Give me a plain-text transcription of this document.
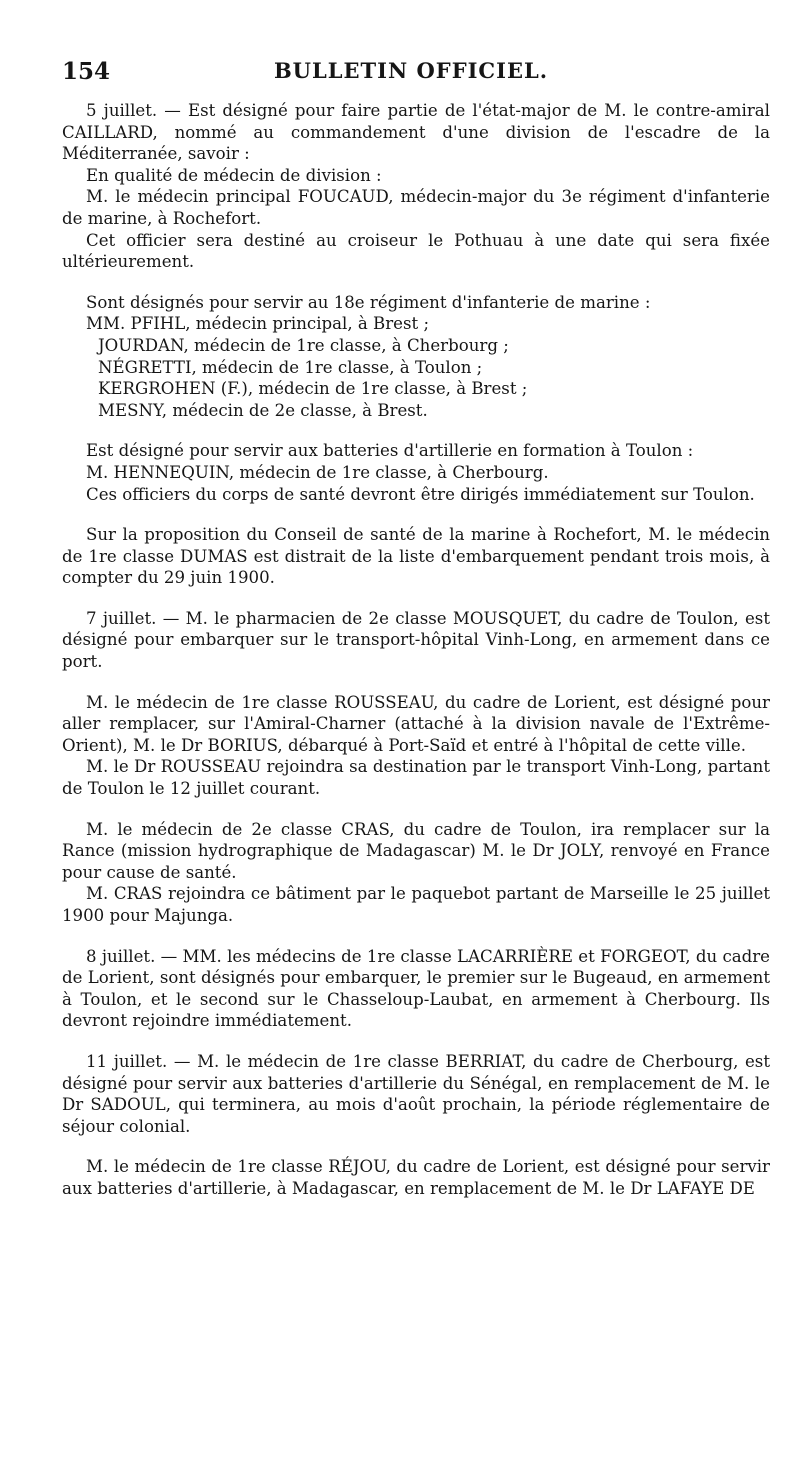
154	BULLETIN OFFICIEL.

5 juillet. — Est désigné pour faire partie de l'état-major de M. le contre-amiral CAILLARD, nommé au commandement d'une division de l'escadre de la Méditerranée, savoir :

En qualité de médecin de division :

M. le médecin principal FOUCAUD, médecin-major du 3e régiment d'infanterie de marine, à Rochefort.

Cet officier sera destiné au croiseur le Pothuau à une date qui sera fixée ultérieurement.

Sont désignés pour servir au 18e régiment d'infanterie de marine :

MM. PFIHL, médecin principal, à Brest ;

JOURDAN, médecin de 1re classe, à Cherbourg ;

NÉGRETTI, médecin de 1re classe, à Toulon ;

KERGROHEN (F.), médecin de 1re classe, à Brest ;

MESNY, médecin de 2e classe, à Brest.

Est désigné pour servir aux batteries d'artillerie en formation à Toulon :

M. HENNEQUIN, médecin de 1re classe, à Cherbourg.

Ces officiers du corps de santé devront être dirigés immédiatement sur Toulon.

Sur la proposition du Conseil de santé de la marine à Rochefort, M. le médecin de 1re classe DUMAS est distrait de la liste d'embarquement pendant trois mois, à compter du 29 juin 1900.

7 juillet. — M. le pharmacien de 2e classe MOUSQUET, du cadre de Toulon, est désigné pour embarquer sur le transport-hôpital Vinh-Long, en armement dans ce port.

M. le médecin de 1re classe ROUSSEAU, du cadre de Lorient, est désigné pour aller remplacer, sur l'Amiral-Charner (attaché à la division navale de l'Extrême-Orient), M. le Dr BORIUS, débarqué à Port-Saïd et entré à l'hôpital de cette ville.

M. le Dr ROUSSEAU rejoindra sa destination par le transport Vinh-Long, partant de Toulon le 12 juillet courant.

M. le médecin de 2e classe CRAS, du cadre de Toulon, ira remplacer sur la Rance (mission hydrographique de Madagascar) M. le Dr JOLY, renvoyé en France pour cause de santé.

M. CRAS rejoindra ce bâtiment par le paquebot partant de Marseille le 25 juillet 1900 pour Majunga.

8 juillet. — MM. les médecins de 1re classe LACARRIÈRE et FORGEOT, du cadre de Lorient, sont désignés pour embarquer, le premier sur le Bugeaud, en armement à Toulon, et le second sur le Chasseloup-Laubat, en armement à Cherbourg. Ils devront rejoindre immédiatement.

11 juillet. — M. le médecin de 1re classe BERRIAT, du cadre de Cherbourg, est désigné pour servir aux batteries d'artillerie du Sénégal, en remplacement de M. le Dr SADOUL, qui terminera, au mois d'août prochain, la période réglementaire de séjour colonial.

M. le médecin de 1re classe RÉJOU, du cadre de Lorient, est désigné pour servir aux batteries d'artillerie, à Madagascar, en remplacement de M. le Dr LAFAYE DE
